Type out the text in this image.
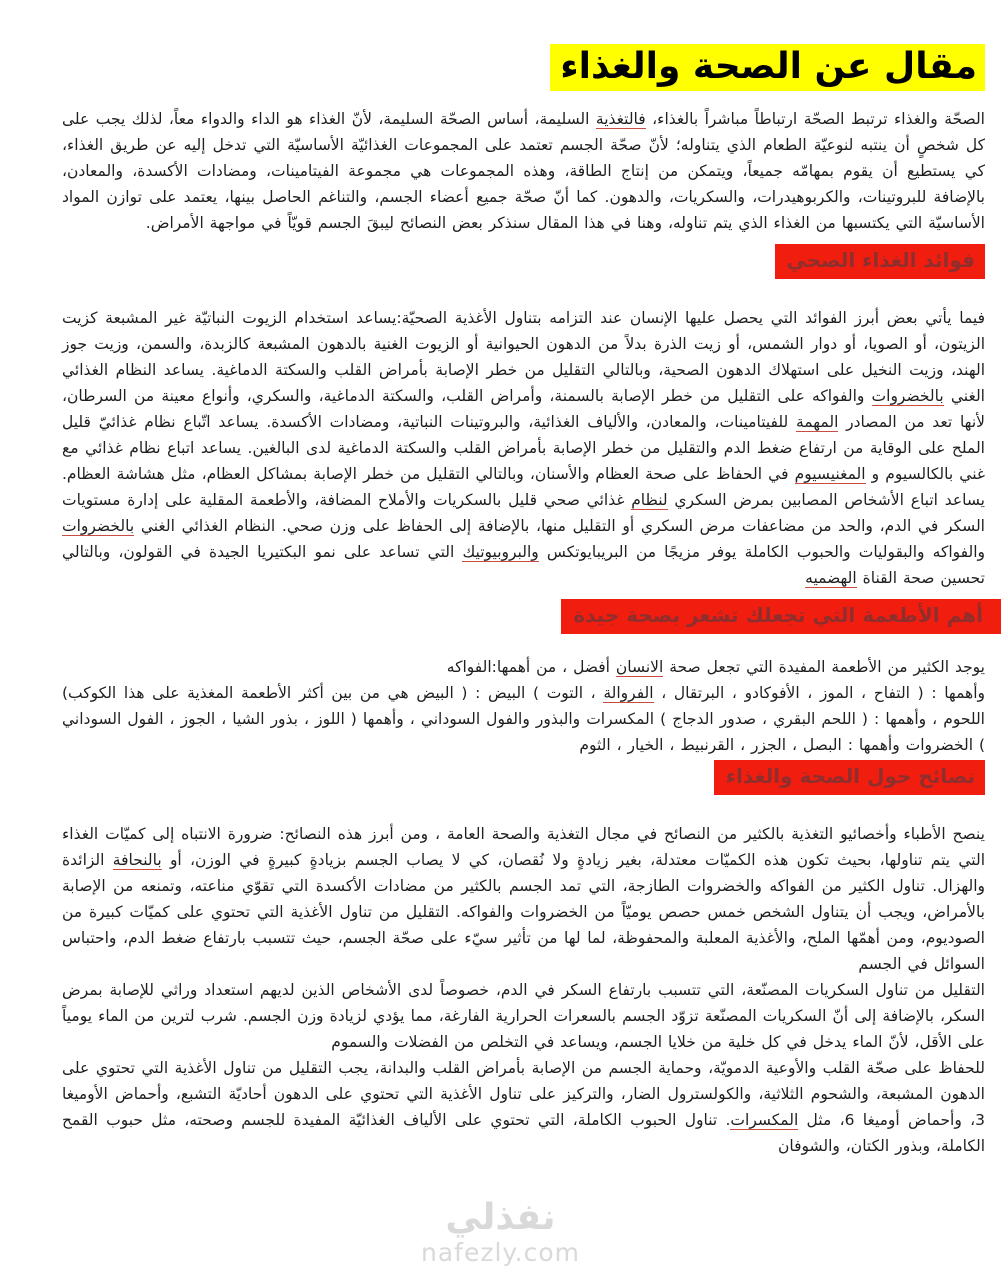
نفذلي
nafezly.com
مقال عن الصحة والغذاء

الصحّة والغذاء ترتبط الصحّة ارتباطاً مباشراً بالغذاء، فالتغذية السليمة، أساس الصحّة السليمة، لأنّ الغذاء هو الداء والدواء معاً، لذلك يجب على كل شخصٍ أن ينتبه لنوعيّة الطعام الذي يتناوله؛ لأنّ صحّة الجسم تعتمد على المجموعات الغذائيّة الأساسيّة التي تدخل إليه عن طريق الغذاء، كي يستطيع أن يقوم بمهامّه جميعاً، ويتمكن من إنتاج الطاقة، وهذه المجموعات هي مجموعة الفيتامينات، ومضادات الأكسدة، والمعادن، بالإضافة للبروتينات، والكربوهيدرات، والسكريات، والدهون. كما أنّ صحّة جميع أعضاء الجسم، والتناغم الحاصل بينها، يعتمد على توازن المواد الأساسيّة التي يكتسبها من الغذاء الذي يتم تناوله، وهنا في هذا المقال سنذكر بعض النصائح ليبقَ الجسم قويّاً في مواجهة الأمراض.

فوائد الغذاء الصحي

فيما يأتي بعض أبرز الفوائد التي يحصل عليها الإنسان عند التزامه بتناول الأغذية الصحيّة:يساعد استخدام الزيوت النباتيّة غير المشبعة كزيت الزيتون، أو الصويا، أو دوار الشمس، أو زيت الذرة بدلاً من الدهون الحيوانية أو الزيوت الغنية بالدهون المشبعة كالزبدة، والسمن، وزيت جوز الهند، وزيت النخيل على استهلاك الدهون الصحية، وبالتالي التقليل من خطر الإصابة بأمراض القلب والسكتة الدماغية. يساعد النظام الغذائي الغني بالخضروات والفواكه على التقليل من خطر الإصابة بالسمنة، وأمراض القلب، والسكتة الدماغية، والسكري، وأنواع معينة من السرطان، لأنها تعد من المصادر المهمة للفيتامينات، والمعادن، والألياف الغذائية، والبروتينات النباتية، ومضادات الأكسدة. يساعد اتّباع نظام غذائيّ قليل الملح على الوقاية من ارتفاع ضغط الدم والتقليل من خطر الإصابة بأمراض القلب والسكتة الدماغية لدى البالغين. يساعد اتباع نظام غذائي مع غني بالكالسيوم و المغنيسيوم في الحفاظ على صحة العظام والأسنان، وبالتالي التقليل من خطر الإصابة بمشاكل العظام، مثل هشاشة العظام. يساعد اتباع الأشخاص المصابين بمرض السكري لنظام غذائي صحي قليل بالسكريات والأملاح المضافة، والأطعمة المقلية على إدارة مستويات السكر في الدم، والحد من مضاعفات مرض السكري أو التقليل منها، بالإضافة إلى الحفاظ على وزن صحي. النظام الغذائي الغني بالخضروات والفواكه والبقوليات والحبوب الكاملة يوفر مزيجًا من البريبايوتكس والبروبيوتيك التي تساعد على نمو البكتيريا الجيدة في القولون، وبالتالي تحسين صحة القناة الهضميه

أهم الأطعمة التي تجعلك تشعر بصحة جيدة

يوجد الكثير من الأطعمة المفيدة التي تجعل صحة الانسان أفضل ، من أهمها:الفواكه
وأهمها : ( التفاح ، الموز ، الأفوكادو ، البرتقال ، الفروالة ، التوت ) البيض : ( البيض هي من بين أكثر الأطعمة المغذية على هذا الكوكب) اللحوم ، وأهمها : ( اللحم البقري ، صدور الدجاج ) المكسرات والبذور والفول السوداني ، وأهمها ( اللوز ، بذور الشيا ، الجوز ، الفول السوداني ) الخضروات وأهمها : البصل ، الجزر ، القرنبيط ، الخيار ، الثوم

نصائح حول الصحة والغذاء

ينصح الأطباء وأخصائيو التغذية بالكثير من النصائح في مجال التغذية والصحة العامة ، ومن أبرز هذه النصائح: ضرورة الانتباه إلى كميّات الغذاء التي يتم تناولها، بحيث تكون هذه الكميّات معتدلة، بغير زيادةٍ ولا نُقصان، كي لا يصاب الجسم بزيادةٍ كبيرةٍ في الوزن، أو بالنحافة الزائدة والهزال. تناول الكثير من الفواكه والخضروات الطازجة، التي تمد الجسم بالكثير من مضادات الأكسدة التي تقوّي مناعته، وتمنعه من الإصابة بالأمراض، ويجب أن يتناول الشخص خمس حصص يوميّاً من الخضروات والفواكه. التقليل من تناول الأغذية التي تحتوي على كميّات كبيرة من الصوديوم، ومن أهمّها الملح، والأغذية المعلبة والمحفوظة، لما لها من تأثير سيّء على صحّة الجسم، حيث تتسبب بارتفاع ضغط الدم، واحتباس السوائل في الجسم
التقليل من تناول السكريات المصنّعة، التي تتسبب بارتفاع السكر في الدم، خصوصاً لدى الأشخاص الذين لديهم استعداد وراثي للإصابة بمرض السكر، بالإضافة إلى أنّ السكريات المصنّعة تزوّد الجسم بالسعرات الحرارية الفارغة، مما يؤدي لزيادة وزن الجسم. شرب لترين من الماء يومياً على الأقل، لأنّ الماء يدخل في كل خلية من خلايا الجسم، ويساعد في التخلص من الفضلات والسموم
للحفاظ على صحّة القلب والأوعية الدمويّة، وحماية الجسم من الإصابة بأمراض القلب والبدانة، يجب التقليل من تناول الأغذية التي تحتوي على الدهون المشبعة، والشحوم الثلاثية، والكولسترول الضار، والتركيز على تناول الأغذية التي تحتوي على الدهون أحاديّة التشبع، وأحماض الأوميغا 3، وأحماض أوميغا 6، مثل المكسرات. تناول الحبوب الكاملة، التي تحتوي على الألياف الغذائيّة المفيدة للجسم وصحته، مثل حبوب القمح الكاملة، وبذور الكتان، والشوفان
